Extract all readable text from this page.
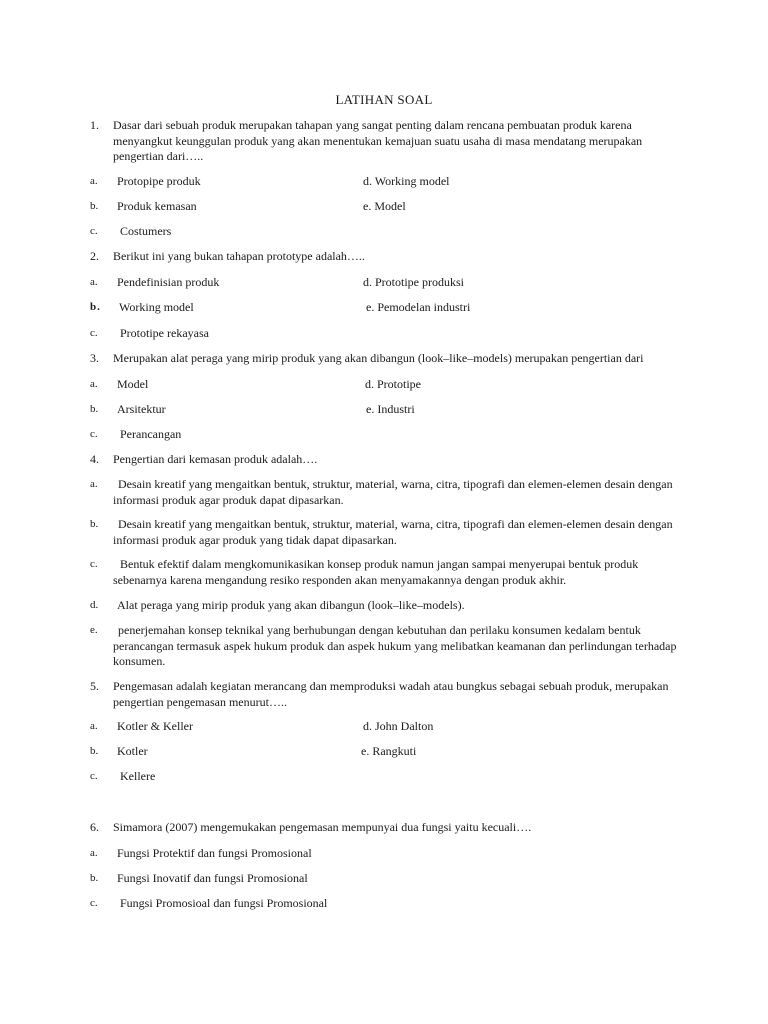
LATIHAN SOAL
1.	Dasar dari sebuah produk merupakan tahapan yang sangat penting dalam rencana pembuatan produk karena menyangkut keunggulan produk yang akan menentukan kemajuan suatu usaha di masa mendatang merupakan pengertian dari…..
a.	Protopipe produk	d. Working model
b.	Produk kemasan	e. Model
c.	Costumers
2.	Berikut ini yang bukan tahapan prototype adalah…..
a.	Pendefinisian produk	d. Prototipe produksi
b.	Working model	e. Pemodelan industri
c.	Prototipe rekayasa
3.	Merupakan alat peraga yang mirip produk yang akan dibangun (look–like–models) merupakan pengertian dari
a.	Model	d. Prototipe
b.	Arsitektur	e. Industri
c.	Perancangan
4.	Pengertian dari kemasan produk adalah….
a.	Desain kreatif yang mengaitkan bentuk, struktur, material, warna, citra, tipografi dan elemen-elemen desain dengan informasi produk agar produk dapat dipasarkan.
b.	Desain kreatif yang mengaitkan bentuk, struktur, material, warna, citra, tipografi dan elemen-elemen desain dengan informasi produk agar produk yang tidak dapat dipasarkan.
c.	Bentuk efektif dalam mengkomunikasikan konsep produk namun jangan sampai menyerupai bentuk produk sebenarnya karena mengandung resiko responden akan menyamakannya dengan produk akhir.
d.	Alat peraga yang mirip produk yang akan dibangun (look–like–models).
e.	penerjemahan konsep teknikal yang berhubungan dengan kebutuhan dan perilaku konsumen kedalam bentuk perancangan termasuk aspek hukum produk dan aspek hukum yang melibatkan keamanan dan perlindungan terhadap konsumen.
5.	Pengemasan adalah kegiatan merancang dan memproduksi wadah atau bungkus sebagai sebuah produk, merupakan pengertian pengemasan menurut…..
a.	Kotler & Keller	d. John Dalton
b.	Kotler	e. Rangkuti
c.	Kellere
6.	Simamora (2007) mengemukakan pengemasan mempunyai dua fungsi yaitu kecuali….
a.	Fungsi Protektif dan fungsi Promosional
b.	Fungsi Inovatif dan fungsi Promosional
c.	Fungsi Promosioal dan fungsi Promosional
